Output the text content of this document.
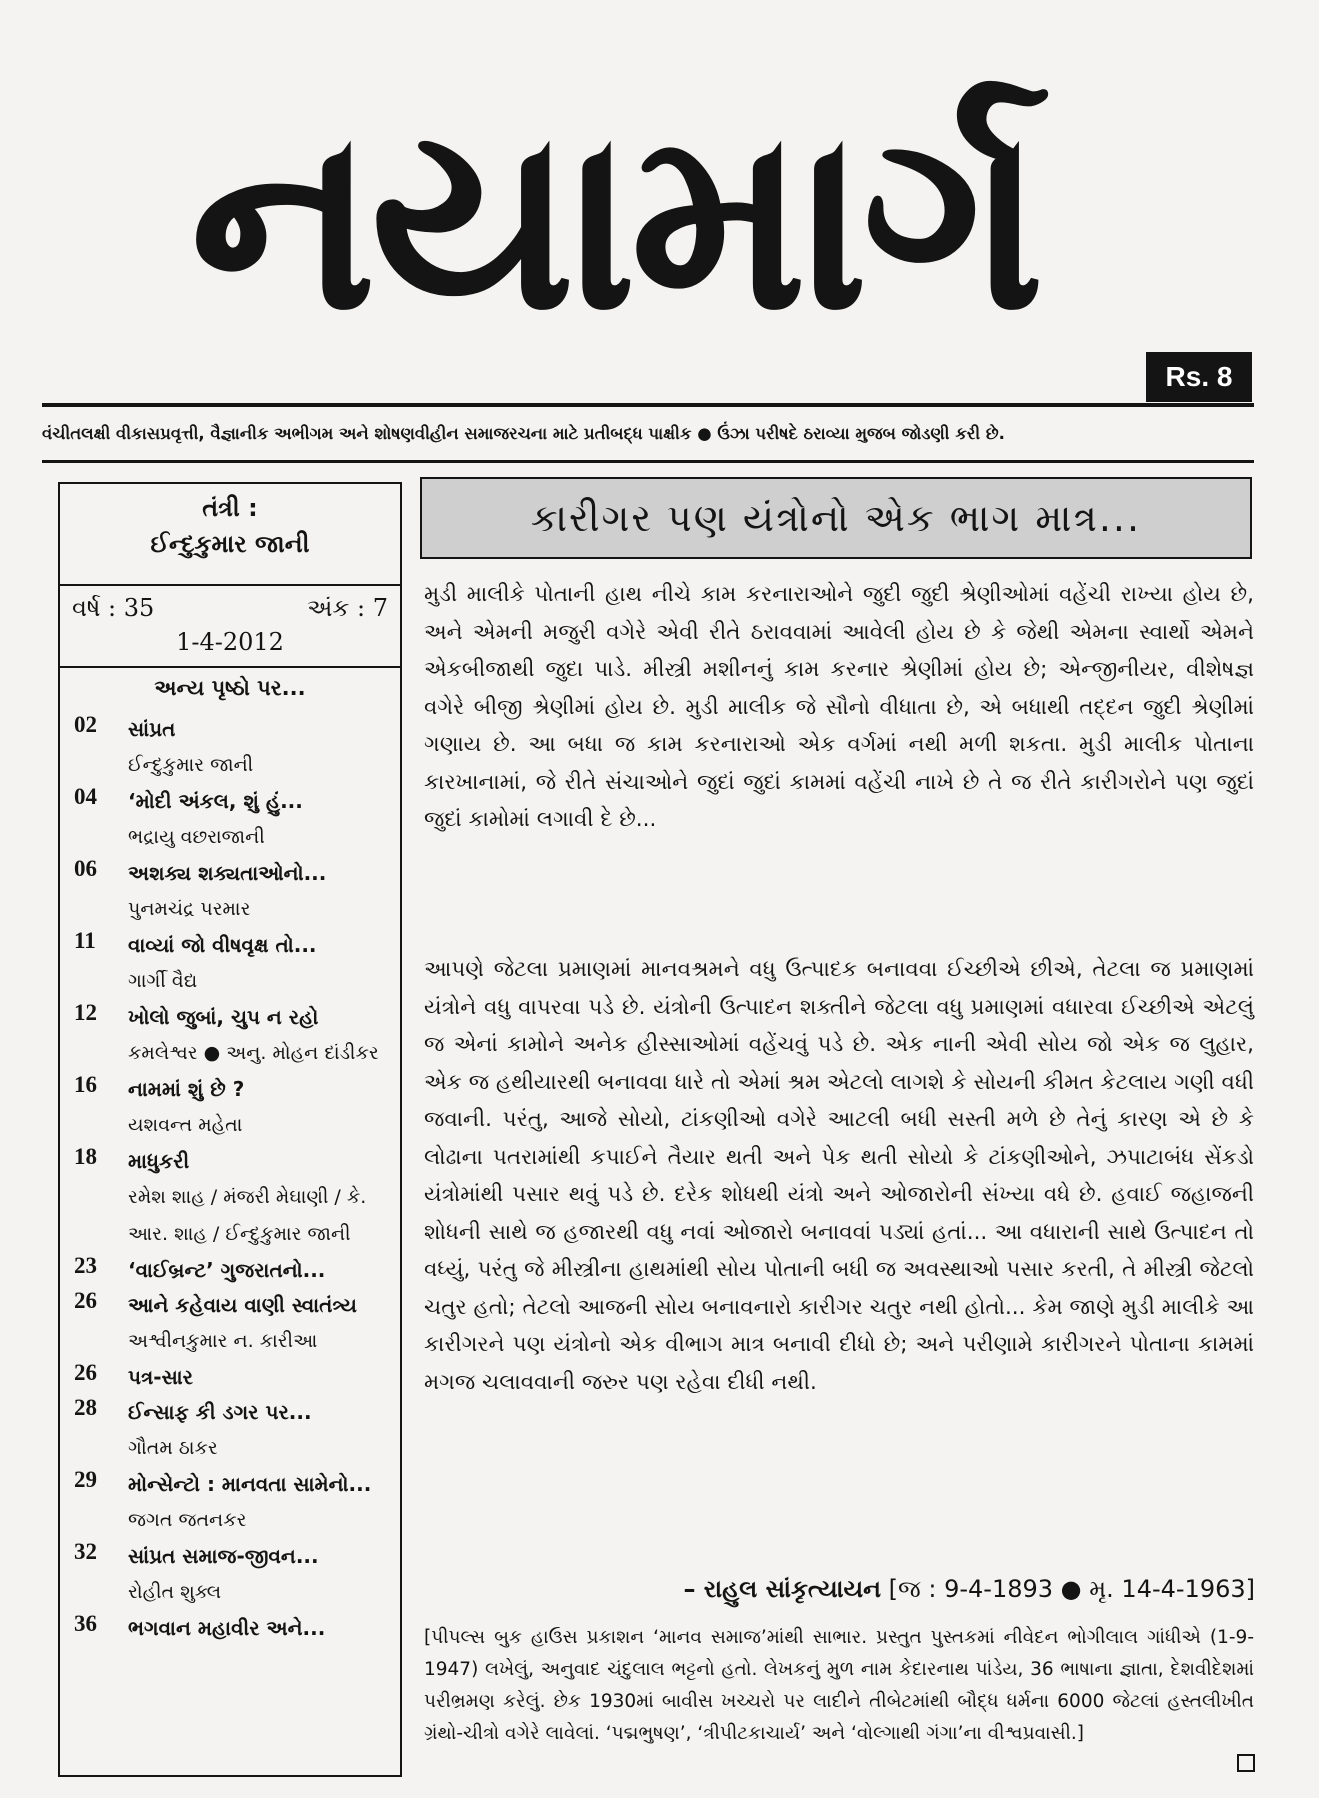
નયામાર્ગ
Rs. 8
વંચીતલક્ષી વીકાસપ્રવૃત્તી, વૈજ્ઞાનીક અભીગમ અને શોષણવીહીન સમાજરચના માટે પ્રતીબદ્ધ પાક્ષીક ● ઉંઝા પરીષદે ઠરાવ્યા મુજબ જોડણી કરી છે.
તંત્રી :
ઈન્દુકુમાર જાની
વર્ષ : 35	અંક : 7
1-4-2012
અન્ય પૃષ્ઠો પર...
02 સાંપ્રત
ઈન્દુકુમાર જાની
04 ‘મોદી અંકલ, શું હું...
ભદ્રાયુ વછરાજાની
06 અશક્ય શક્યતાઓનો...
પુનમચંદ્ર પરમાર
11 વાવ્યાં જો વીષવૃક્ષ તો...
ગાર્ગી વૈદ્ય
12 ખોલો જુબાં, ચુપ ન રહો
કમલેશ્વર ● અનુ. મોહન દાંડીકર
16 નામમાં શું છે ?
યશવન્ત મહેતા
18 માધુકરી
રમેશ શાહ / મંજરી મેઘાણી / કે. આર. શાહ / ઈન્દુકુમાર જાની
23 ‘વાઈબ્રન્ટ’ ગુજરાતનો...
26 આને કહેવાય વાણી સ્વાતંત્ર્ય
અશ્વીનકુમાર ન. કારીઆ
26 પત્ર-સાર
28 ઈન્સાફ કી ડગર પર...
ગૌતમ ઠાકર
29 મોન્સેન્ટો : માનવતા સામેનો...
જગત જતનકર
32 સાંપ્રત સમાજ-જીવન...
રોહીત શુક્લ
36 ભગવાન મહાવીર અને...
કારીગર પણ યંત્રોનો એક ભાગ માત્ર...

મુડી માલીકે પોતાની હાથ નીચે કામ કરનારાઓને જુદી જુદી શ્રેણીઓમાં વહેંચી રાખ્યા હોય છે, અને એમની મજુરી વગેરે એવી રીતે ઠરાવવામાં આવેલી હોય છે કે જેથી એમના સ્વાર્થો એમને એકબીજાથી જુદા પાડે. મીસ્ત્રી મશીનનું કામ કરનાર શ્રેણીમાં હોય છે; એન્જીનીયર, વીશેષજ્ઞ વગેરે બીજી શ્રેણીમાં હોય છે. મુડી માલીક જે સૌનો વીધાતા છે, એ બધાથી તદ્દન જુદી શ્રેણીમાં ગણાય છે. આ બધા જ કામ કરનારાઓ એક વર્ગમાં નથી મળી શકતા. મુડી માલીક પોતાના કારખાનામાં, જે રીતે સંચાઓને જુદાં જુદાં કામમાં વહેંચી નાખે છે તે જ રીતે કારીગરોને પણ જુદાં જુદાં કામોમાં લગાવી દે છે...

આપણે જેટલા પ્રમાણમાં માનવશ્રમને વધુ ઉત્પાદક બનાવવા ઈચ્છીએ છીએ, તેટલા જ પ્રમાણમાં યંત્રોને વધુ વાપરવા પડે છે. યંત્રોની ઉત્પાદન શક્તીને જેટલા વધુ પ્રમાણમાં વધારવા ઈચ્છીએ એટલું જ એનાં કામોને અનેક હીસ્સાઓમાં વહેંચવું પડે છે. એક નાની એવી સોય જો એક જ લુહાર, એક જ હથીયારથી બનાવવા ધારે તો એમાં શ્રમ એટલો લાગશે કે સોયની કીમત કેટલાય ગણી વધી જવાની. પરંતુ, આજે સોયો, ટાંકણીઓ વગેરે આટલી બધી સસ્તી મળે છે તેનું કારણ એ છે કે લોઢાના પતરામાંથી કપાઈને તૈયાર થતી અને પેક થતી સોયો કે ટાંકણીઓને, ઝપાટાબંધ સેંકડો યંત્રોમાંથી પસાર થવું પડે છે. દરેક શોધથી યંત્રો અને ઓજારોની સંખ્યા વધે છે. હવાઈ જહાજની શોધની સાથે જ હજારથી વધુ નવાં ઓજારો બનાવવાં પડ્યાં હતાં... આ વધારાની સાથે ઉત્પાદન તો વધ્યું, પરંતુ જે મીસ્ત્રીના હાથમાંથી સોય પોતાની બધી જ અવસ્થાઓ પસાર કરતી, તે મીસ્ત્રી જેટલો ચતુર હતો; તેટલો આજની સોય બનાવનારો કારીગર ચતુર નથી હોતો... કેમ જાણે મુડી માલીકે આ કારીગરને પણ યંત્રોનો એક વીભાગ માત્ર બનાવી દીધો છે; અને પરીણામે કારીગરને પોતાના કામમાં મગજ ચલાવવાની જરુર પણ રહેવા દીધી નથી.

– રાહુલ સાંકૃત્યાયન [જ : 9-4-1893 ● મૃ. 14-4-1963]

[પીપલ્સ બુક હાઉસ પ્રકાશન ‘માનવ સમાજ’માંથી સાભાર. પ્રસ્તુત પુસ્તકમાં નીવેદન ભોગીલાલ ગાંધીએ (1-9-1947) લખેલું, અનુવાદ ચંદુલાલ ભટ્ટનો હતો. લેખકનું મુળ નામ કેદારનાથ પાંડેય, 36 ભાષાના જ્ઞાતા, દેશવીદેશમાં પરીભ્રમણ કરેલું. છેક 1930માં બાવીસ ખચ્ચરો પર લાદીને તીબેટમાંથી બૌદ્ધ ધર્મના 6000 જેટલાં હસ્તલીખીત ગ્રંથો-ચીત્રો વગેરે લાવેલાં. ‘પદ્મભુષણ’, ‘ત્રીપીટકાચાર્ય’ અને ‘વોલ્ગાથી ગંગા’ના વીશ્વપ્રવાસી.]
